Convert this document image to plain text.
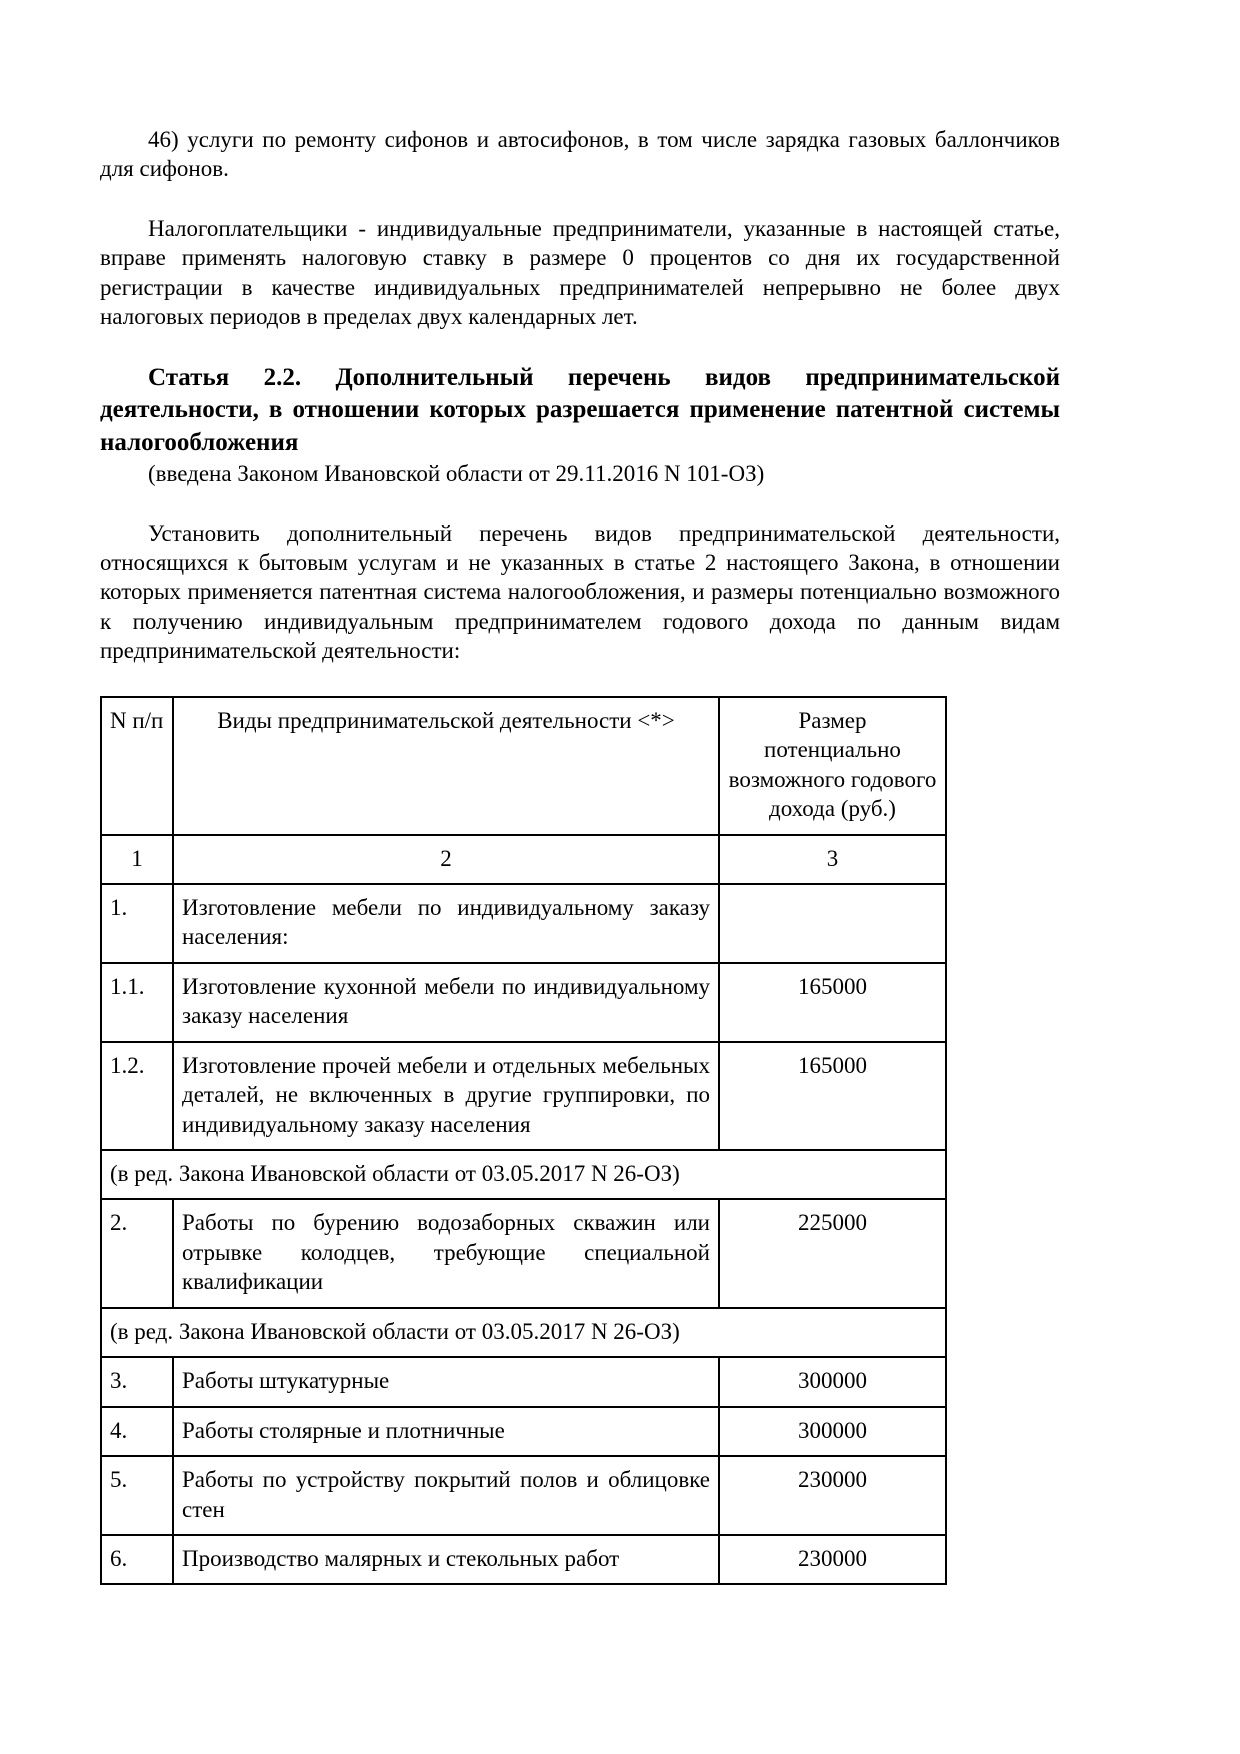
46) услуги по ремонту сифонов и автосифонов, в том числе зарядка газовых баллончиков для сифонов.

Налогоплательщики - индивидуальные предприниматели, указанные в настоящей статье, вправе применять налоговую ставку в размере 0 процентов со дня их государственной регистрации в качестве индивидуальных предпринимателей непрерывно не более двух налоговых периодов в пределах двух календарных лет.

Статья 2.2. Дополнительный перечень видов предпринимательской деятельности, в отношении которых разрешается применение патентной системы налогообложения

(введена Законом Ивановской области от 29.11.2016 N 101-ОЗ)

Установить дополнительный перечень видов предпринимательской деятельности, относящихся к бытовым услугам и не указанных в статье 2 настоящего Закона, в отношении которых применяется патентная система налогообложения, и размеры потенциально возможного к получению индивидуальным предпринимателем годового дохода по данным видам предпринимательской деятельности:

N п/п	Виды предпринимательской деятельности <*>	Размер потенциально возможного годового дохода (руб.)
1	2	3
1.	Изготовление мебели по индивидуальному заказу населения:	
1.1.	Изготовление кухонной мебели по индивидуальному заказу населения	165000
1.2.	Изготовление прочей мебели и отдельных мебельных деталей, не включенных в другие группировки, по индивидуальному заказу населения	165000
(в ред. Закона Ивановской области от 03.05.2017 N 26-ОЗ)		
2.	Работы по бурению водозаборных скважин или отрывке колодцев, требующие специальной квалификации	225000
(в ред. Закона Ивановской области от 03.05.2017 N 26-ОЗ)		
3.	Работы штукатурные	300000
4.	Работы столярные и плотничные	300000
5.	Работы по устройству покрытий полов и облицовке стен	230000
6.	Производство малярных и стекольных работ	230000
